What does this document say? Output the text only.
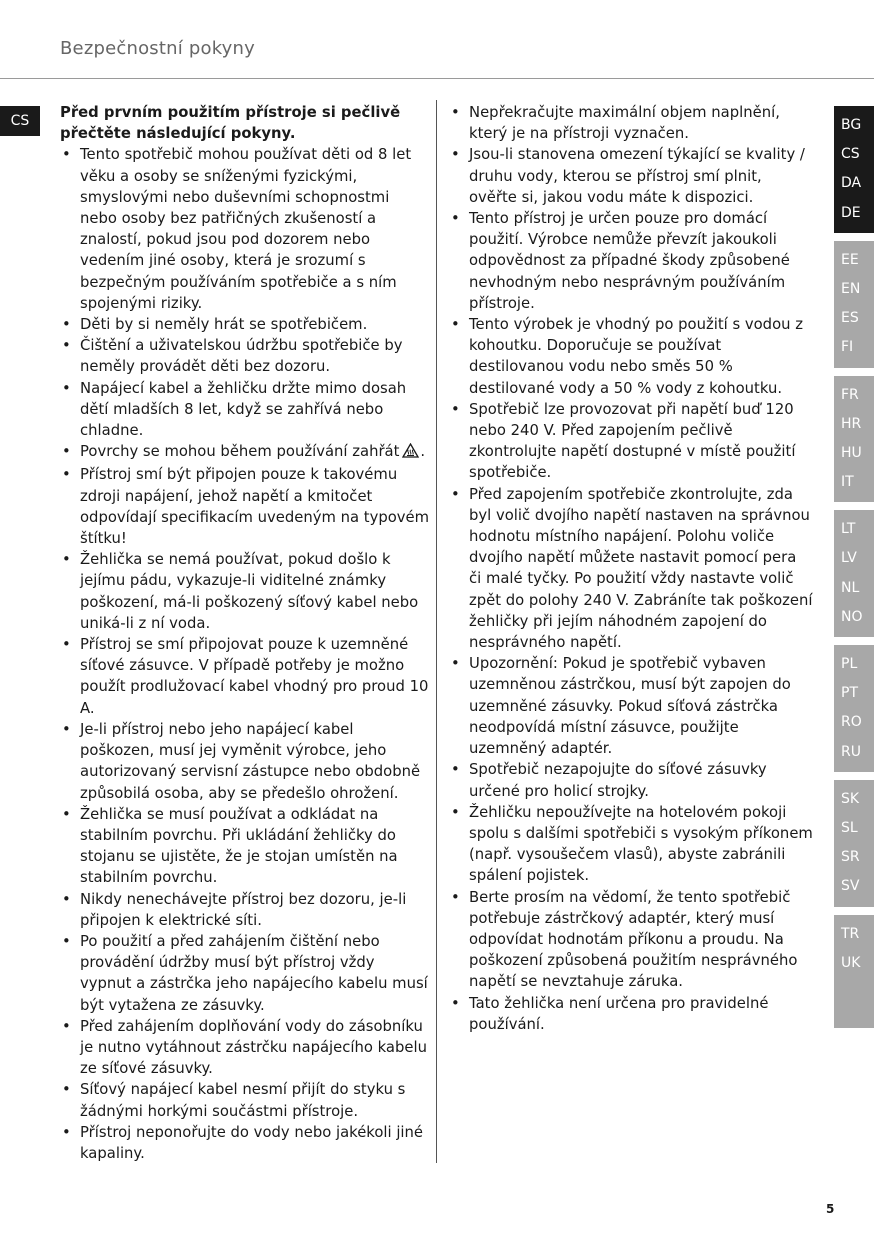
Bezpečnostní pokyny
CS	Před prvním použitím přístroje si pečlivě přečtěte následující pokyny.

• Tento spotřebič mohou používat děti od 8 let věku a osoby se sníženými fyzickými, smyslovými nebo duševními schopnostmi nebo osoby bez patřičných zkušeností a znalostí, pokud jsou pod dozorem nebo vedením jiné osoby, která je srozumí s bezpečným používáním spotřebiče a s ním spojenými riziky.
• Děti by si neměly hrát se spotřebičem.
• Čištění a uživatelskou údržbu spotřebiče by neměly provádět děti bez dozoru.
• Napájecí kabel a žehličku držte mimo dosah dětí mladších 8 let, když se zahřívá nebo chladne.
• Povrchy se mohou během používání zahřát .
• Přístroj smí být připojen pouze k takovému zdroji napájení, jehož napětí a kmitočet odpovídají specifikacím uvedeným na typovém štítku!
• Žehlička se nemá používat, pokud došlo k jejímu pádu, vykazuje-li viditelné známky poškození, má-li poškozený síťový kabel nebo uniká-li z ní voda.
• Přístroj se smí připojovat pouze k uzemněné síťové zásuvce. V případě potřeby je možno použít prodlužovací kabel vhodný pro proud 10 A.
• Je-li přístroj nebo jeho napájecí kabel poškozen, musí jej vyměnit výrobce, jeho autorizovaný servisní zástupce nebo obdobně způsobilá osoba, aby se předešlo ohrožení.
• Žehlička se musí používat a odkládat na stabilním povrchu. Při ukládání žehličky do stojanu se ujistěte, že je stojan umístěn na stabilním povrchu.
• Nikdy nenechávejte přístroj bez dozoru, je-li připojen k elektrické síti.
• Po použití a před zahájením čištění nebo provádění údržby musí být přístroj vždy vypnut a zástrčka jeho napájecího kabelu musí být vytažena ze zásuvky.
• Před zahájením doplňování vody do zásobníku je nutno vytáhnout zástrčku napájecího kabelu ze síťové zásuvky.
• Síťový napájecí kabel nesmí přijít do styku s žádnými horkými součástmi přístroje.
• Přístroj neponořujte do vody nebo jakékoli jiné kapaliny.
• Nepřekračujte maximální objem naplnění, který je na přístroji vyznačen.
• Jsou-li stanovena omezení týkající se kvality / druhu vody, kterou se přístroj smí plnit, ověřte si, jakou vodu máte k dispozici.
• Tento přístroj je určen pouze pro domácí použití. Výrobce nemůže převzít jakoukoli odpovědnost za případné škody způsobené nevhodným nebo nesprávným používáním přístroje.
• Tento výrobek je vhodný po použití s vodou z kohoutku. Doporučuje se používat destilovanou vodu nebo směs 50 % destilované vody a 50 % vody z kohoutku.
• Spotřebič lze provozovat při napětí buď 120 nebo 240 V. Před zapojením pečlivě zkontrolujte napětí dostupné v místě použití spotřebiče.
• Před zapojením spotřebiče zkontrolujte, zda byl volič dvojího napětí nastaven na správnou hodnotu místního napájení. Polohu voliče dvojího napětí můžete nastavit pomocí pera či malé tyčky. Po použití vždy nastavte volič zpět do polohy 240 V. Zabráníte tak poškození žehličky při jejím náhodném zapojení do nesprávného napětí.
• Upozornění: Pokud je spotřebič vybaven uzemněnou zástrčkou, musí být zapojen do uzemněné zásuvky. Pokud síťová zástrčka neodpovídá místní zásuvce, použijte uzemněný adaptér.
• Spotřebič nezapojujte do síťové zásuvky určené pro holicí strojky.
• Žehličku nepoužívejte na hotelovém pokoji spolu s dalšími spotřebiči s vysokým příkonem (např. vysoušečem vlasů), abyste zabránili spálení pojistek.
• Berte prosím na vědomí, že tento spotřebič potřebuje zástrčkový adaptér, který musí odpovídat hodnotám příkonu a proudu. Na poškození způsobená použitím nesprávného napětí se nevztahuje záruka.
• Tato žehlička není určena pro pravidelné používání.
BG
CS
DA
DE
EE
EN
ES
FI
FR
HR
HU
IT
LT
LV
NL
NO
PL
PT
RO
RU
SK
SL
SR
SV
TR
UK
5
